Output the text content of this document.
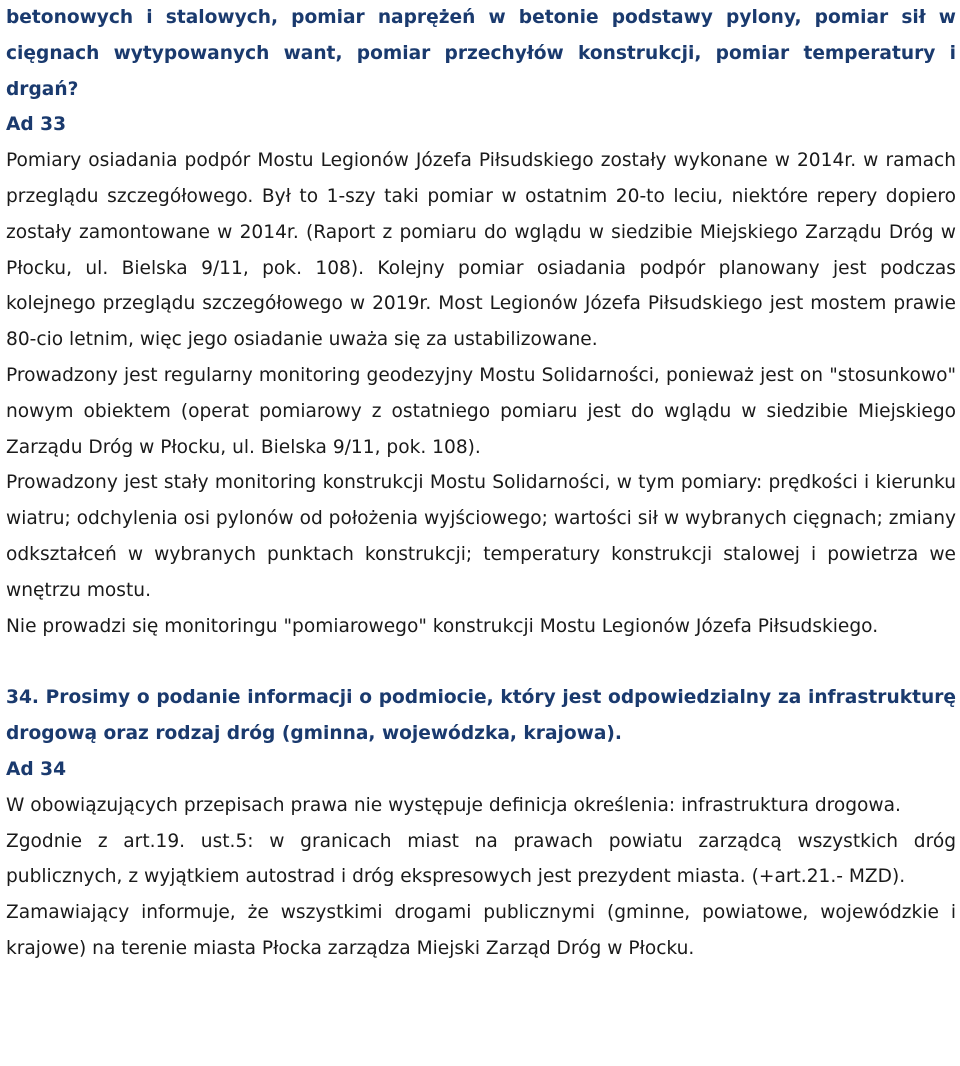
betonowych i stalowych, pomiar naprężeń w betonie podstawy pylony, pomiar sił w cięgnach wytypowanych want, pomiar przechyłów konstrukcji, pomiar temperatury i drgań?

Ad 33

Pomiary osiadania podpór Mostu Legionów Józefa Piłsudskiego zostały wykonane w 2014r. w ramach przeglądu szczegółowego. Był to 1-szy taki pomiar w ostatnim 20-to leciu, niektóre repery dopiero zostały zamontowane w 2014r. (Raport z pomiaru do wglądu w siedzibie Miejskiego Zarządu Dróg w Płocku, ul. Bielska 9/11, pok. 108). Kolejny pomiar osiadania podpór planowany jest podczas kolejnego przeglądu szczegółowego w 2019r. Most Legionów Józefa Piłsudskiego jest mostem prawie 80-cio letnim, więc jego osiadanie uważa się za ustabilizowane.

Prowadzony jest regularny monitoring geodezyjny Mostu Solidarności, ponieważ jest on "stosunkowo" nowym obiektem (operat pomiarowy z ostatniego pomiaru jest do wglądu w siedzibie Miejskiego Zarządu Dróg w Płocku, ul. Bielska 9/11, pok. 108).

Prowadzony jest stały monitoring konstrukcji Mostu Solidarności, w tym pomiary: prędkości i kierunku wiatru; odchylenia osi pylonów od położenia wyjściowego; wartości sił w wybranych cięgnach; zmiany odkształceń w wybranych punktach konstrukcji; temperatury konstrukcji stalowej i powietrza we wnętrzu mostu.

Nie prowadzi się monitoringu "pomiarowego" konstrukcji Mostu Legionów Józefa Piłsudskiego.

34. Prosimy o podanie informacji o podmiocie, który jest odpowiedzialny za infrastrukturę drogową oraz rodzaj dróg (gminna, wojewódzka, krajowa).

Ad 34

W obowiązujących przepisach prawa nie występuje definicja określenia: infrastruktura drogowa.

Zgodnie z art.19. ust.5: w granicach miast na prawach powiatu zarządcą wszystkich dróg publicznych, z wyjątkiem autostrad i dróg ekspresowych jest prezydent miasta. (+art.21.- MZD).

Zamawiający informuje, że wszystkimi drogami publicznymi (gminne, powiatowe, wojewódzkie i krajowe) na terenie miasta Płocka zarządza Miejski Zarząd Dróg w Płocku.
